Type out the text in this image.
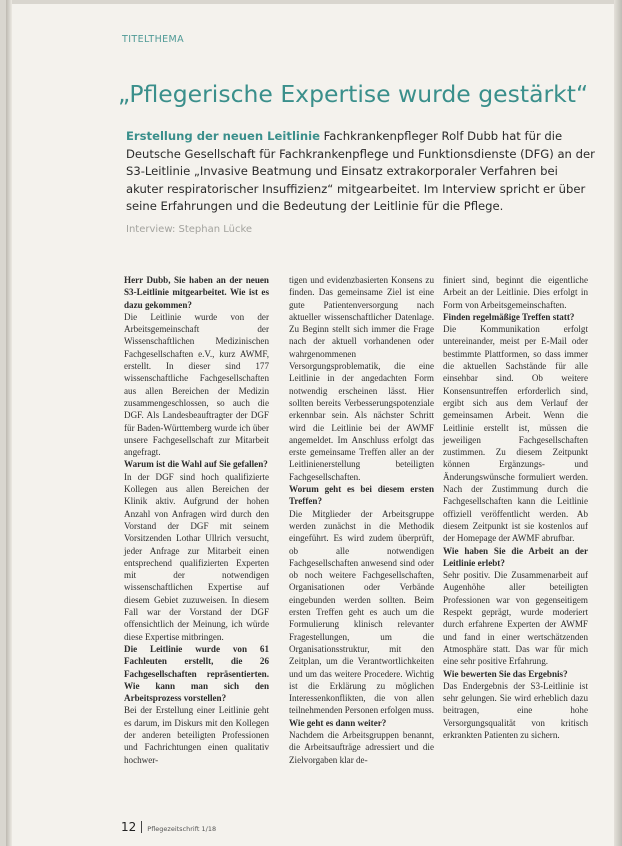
TITELTHEMA
„Pflegerische Expertise wurde gestärkt“
Erstellung der neuen Leitlinie Fachkrankenpfleger Rolf Dubb hat für die Deutsche Gesellschaft für Fachkrankenpflege und Funktionsdienste (DFG) an der S3-Leitlinie „Invasive Beatmung und Einsatz extrakorporaler Verfahren bei akuter respiratorischer Insuffizienz“ mitgearbeitet. Im Interview spricht er über seine Erfahrungen und die Bedeutung der Leitlinie für die Pflege.
Interview: Stephan Lücke

Herr Dubb, Sie haben an der neuen S3-Leitlinie mitgearbeitet. Wie ist es dazu gekommen?

Die Leitlinie wurde von der Arbeitsgemeinschaft der Wissenschaftlichen Medizinischen Fachgesellschaften e.V., kurz AWMF, erstellt. In dieser sind 177 wissenschaftliche Fachgesellschaften aus allen Bereichen der Medizin zusammengeschlossen, so auch die DGF. Als Landesbeauftragter der DGF für Baden-Württemberg wurde ich über unsere Fachgesellschaft zur Mitarbeit angefragt.

Warum ist die Wahl auf Sie gefallen?

In der DGF sind hoch qualifizierte Kollegen aus allen Bereichen der Klinik aktiv. Aufgrund der hohen Anzahl von Anfragen wird durch den Vorstand der DGF mit seinem Vorsitzenden Lothar Ullrich versucht, jeder Anfrage zur Mitarbeit einen entsprechend qualifizierten Experten mit der notwendigen wissenschaftlichen Expertise auf diesem Gebiet zuzuweisen. In diesem Fall war der Vorstand der DGF offensichtlich der Meinung, ich würde diese Expertise mitbringen.

Die Leitlinie wurde von 61 Fachleuten erstellt, die 26 Fachgesellschaften repräsentierten. Wie kann man sich den Arbeitsprozess vorstellen?

Bei der Erstellung einer Leitlinie geht es darum, im Diskurs mit den Kollegen der anderen beteiligten Professionen und Fachrichtungen einen qualitativ hochwer-

tigen und evidenzbasierten Konsens zu finden. Das gemeinsame Ziel ist eine gute Patientenversorgung nach aktueller wissenschaftlicher Datenlage. Zu Beginn stellt sich immer die Frage nach der aktuell vorhandenen oder wahrgenommenen Versorgungsproblematik, die eine Leitlinie in der angedachten Form notwendig erscheinen lässt. Hier sollten bereits Verbesserungspotenziale erkennbar sein. Als nächster Schritt wird die Leitlinie bei der AWMF angemeldet. Im Anschluss erfolgt das erste gemeinsame Treffen aller an der Leitlinienerstellung beteiligten Fachgesellschaften.

Worum geht es bei diesem ersten Treffen?

Die Mitglieder der Arbeitsgruppe werden zunächst in die Methodik eingeführt. Es wird zudem überprüft, ob alle notwendigen Fachgesellschaften anwesend sind oder ob noch weitere Fachgesellschaften, Organisationen oder Verbände eingebunden werden sollten. Beim ersten Treffen geht es auch um die Formulierung klinisch relevanter Fragestellungen, um die Organisationsstruktur, mit den Zeitplan, um die Verantwortlichkeiten und um das weitere Procedere. Wichtig ist die Erklärung zu möglichen Interessenkonflikten, die von allen teilnehmenden Personen erfolgen muss.

Wie geht es dann weiter?

Nachdem die Arbeitsgruppen benannt, die Arbeitsaufträge adressiert und die Zielvorgaben klar de-

finiert sind, beginnt die eigentliche Arbeit an der Leitlinie. Dies erfolgt in Form von Arbeitsgemeinschaften.

Finden regelmäßige Treffen statt?

Die Kommunikation erfolgt untereinander, meist per E-Mail oder bestimmte Plattformen, so dass immer die aktuellen Sachstände für alle einsehbar sind. Ob weitere Konsensuntreffen erforderlich sind, ergibt sich aus dem Verlauf der gemeinsamen Arbeit. Wenn die Leitlinie erstellt ist, müssen die jeweiligen Fachgesellschaften zustimmen. Zu diesem Zeitpunkt können Ergänzungs- und Änderungswünsche formuliert werden. Nach der Zustimmung durch die Fachgesellschaften kann die Leitlinie offiziell veröffentlicht werden. Ab diesem Zeitpunkt ist sie kostenlos auf der Homepage der AWMF abrufbar.

Wie haben Sie die Arbeit an der Leitlinie erlebt?

Sehr positiv. Die Zusammenarbeit auf Augenhöhe aller beteiligten Professionen war von gegenseitigem Respekt geprägt, wurde moderiert durch erfahrene Experten der AWMF und fand in einer wertschätzenden Atmosphäre statt. Das war für mich eine sehr positive Erfahrung.

Wie bewerten Sie das Ergebnis?

Das Endergebnis der S3-Leitlinie ist sehr gelungen. Sie wird erheblich dazu beitragen, eine hohe Versorgungsqualität von kritisch erkrankten Patienten zu sichern.

12 Pflegezeitschrift 1/18
